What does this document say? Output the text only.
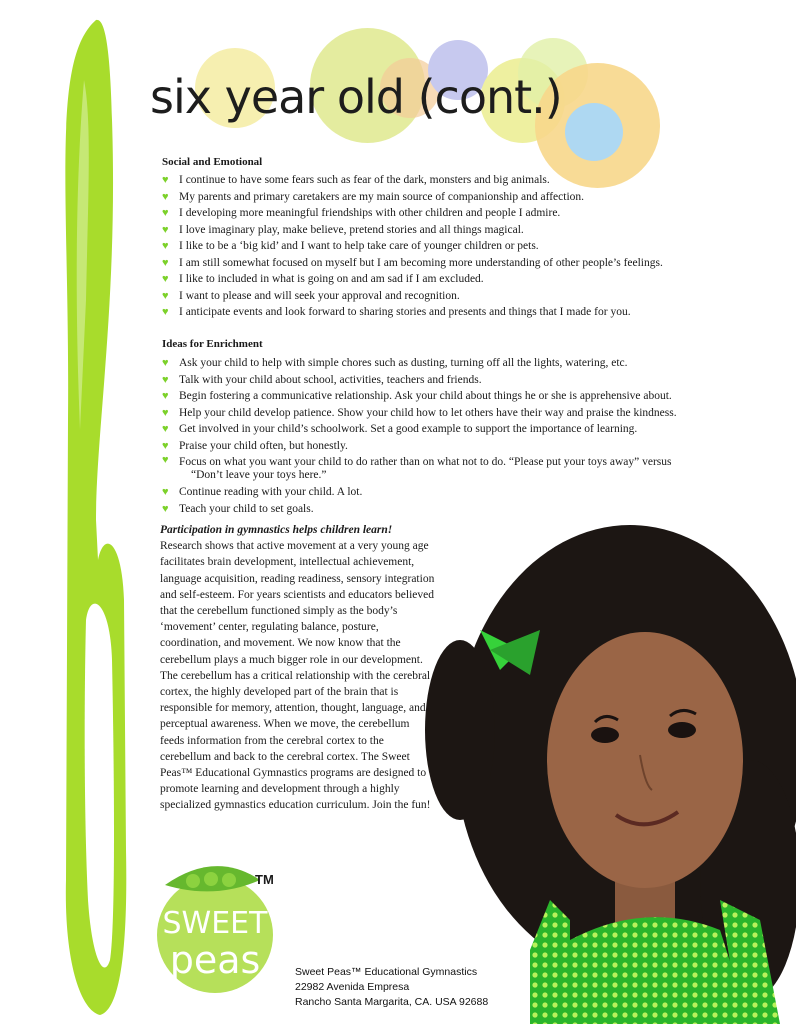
six year old (cont.)
Social and Emotional
♥ I continue to have some fears such as fear of the dark, monsters and big animals.
♥ My parents and primary caretakers are my main source of companionship and affection.
♥ I developing more meaningful friendships with other children and people I admire.
♥ I love imaginary play, make believe, pretend stories and all things magical.
♥ I like to be a ‘big kid’ and I want to help take care of younger children or pets.
♥ I am still somewhat focused on myself but I am becoming more understanding of other people’s feelings.
♥ I like to included in what is going on and am sad if I am excluded.
♥ I want to please and will seek your approval and recognition.
♥ I anticipate events and look forward to sharing stories and presents and things that I made for you.
Ideas for Enrichment
♥ Ask your child to help with simple chores such as dusting, turning off all the lights, watering, etc.
♥ Talk with your child about school, activities, teachers and friends.
♥ Begin fostering a communicative relationship. Ask your child about things he or she is apprehensive about.
♥ Help your child develop patience. Show your child how to let others have their way and praise the kindness.
♥ Get involved in your child’s schoolwork. Set a good example to support the importance of learning.
♥ Praise your child often, but honestly.
♥ Focus on what you want your child to do rather than on what not to do. “Please put your toys away” versus
“Don’t leave your toys here.”
♥ Continue reading with your child. A lot.
♥ Teach your child to set goals.
Participation in gymnastics helps children learn!
Research shows that active movement at a very young age facilitates brain development, intellectual achievement, language acquisition, reading readiness, sensory integration and self-esteem. For years scientists and educators believed that the cerebellum functioned simply as the body’s ‘movement’ center, regulating balance, posture, coordination, and movement. We now know that the cerebellum plays a much bigger role in our development. The cerebellum has a critical relationship with the cerebral cortex, the highly developed part of the brain that is responsible for memory, attention, thought, language, and perceptual awareness. When we move, the cerebellum feeds information from the cerebral cortex to the cerebellum and back to the cerebral cortex. The Sweet Peas™ Educational Gymnastics programs are designed to promote learning and development through a highly specialized gymnastics education curriculum. Join the fun!
SWEET
peas
TM
Sweet Peas™ Educational Gymnastics
22982 Avenida Empresa
Rancho Santa Margarita, CA. USA 92688
